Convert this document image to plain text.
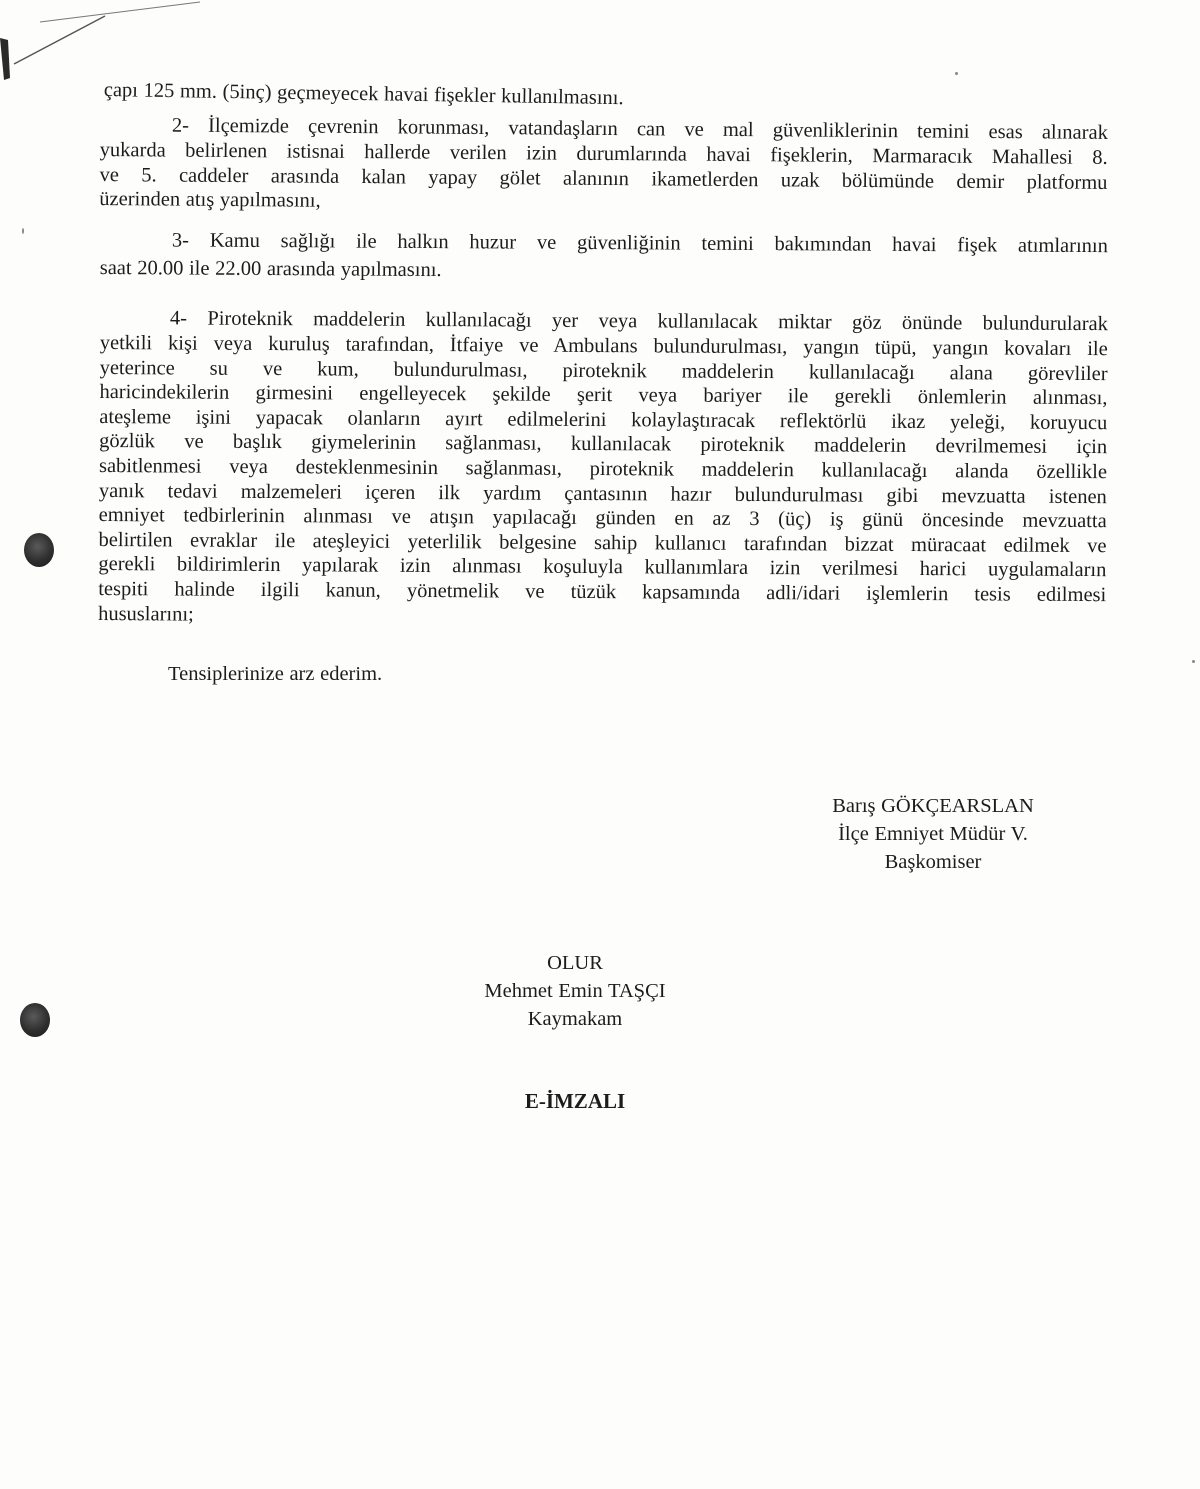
çapı 125 mm. (5inç) geçmeyecek havai fişekler kullanılmasını.
2- İlçemizde çevrenin korunması, vatandaşların can ve mal güvenliklerinin temini esas alınarak
yukarda belirlenen istisnai hallerde verilen izin durumlarında havai fişeklerin, Marmaracık Mahallesi 8.
ve 5. caddeler arasında kalan yapay gölet alanının ikametlerden uzak bölümünde demir platformu
üzerinden atış yapılmasını,
3- Kamu sağlığı ile halkın huzur ve güvenliğinin temini bakımından havai fişek atımlarının
saat 20.00 ile 22.00 arasında yapılmasını.
4- Piroteknik maddelerin kullanılacağı yer veya kullanılacak miktar göz önünde bulundurularak
yetkili kişi veya kuruluş tarafından, İtfaiye ve Ambulans bulundurulması, yangın tüpü, yangın kovaları ile
yeterince su ve kum, bulundurulması, piroteknik maddelerin kullanılacağı alana görevliler
haricindekilerin girmesini engelleyecek şekilde şerit veya bariyer ile gerekli önlemlerin alınması,
ateşleme işini yapacak olanların ayırt edilmelerini kolaylaştıracak reflektörlü ikaz yeleği, koruyucu
gözlük ve başlık giymelerinin sağlanması, kullanılacak piroteknik maddelerin devrilmemesi için
sabitlenmesi veya desteklenmesinin sağlanması, piroteknik maddelerin kullanılacağı alanda özellikle
yanık tedavi malzemeleri içeren ilk yardım çantasının hazır bulundurulması gibi mevzuatta istenen
emniyet tedbirlerinin alınması ve atışın yapılacağı günden en az 3 (üç) iş günü öncesinde mevzuatta
belirtilen evraklar ile ateşleyici yeterlilik belgesine sahip kullanıcı tarafından bizzat müracaat edilmek ve
gerekli bildirimlerin yapılarak izin alınması koşuluyla kullanımlara izin verilmesi harici uygulamaların
tespiti halinde ilgili kanun, yönetmelik ve tüzük kapsamında adli/idari işlemlerin tesis edilmesi
hususlarını;
Tensiplerinize arz ederim.
Barış GÖKÇEARSLAN
İlçe Emniyet Müdür V.
Başkomiser
OLUR
Mehmet Emin TAŞÇI
Kaymakam
E-İMZALI
